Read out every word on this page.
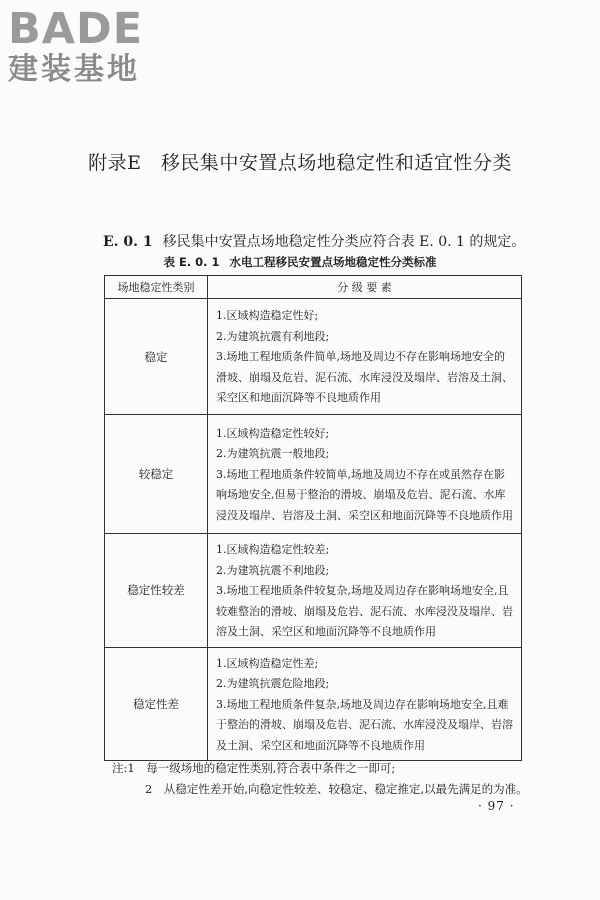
BADE
建装基地
附录E　移民集中安置点场地稳定性和适宜性分类
E. 0. 1 移民集中安置点场地稳定性分类应符合表 E. 0. 1 的规定。
表 E. 0. 1 水电工程移民安置点场地稳定性分类标准
场地稳定性类别	分 级 要 素
稳定	1.区域构造稳定性好;
2.为建筑抗震有利地段;
3.场地工程地质条件简单,场地及周边不存在影响场地安全的滑坡、崩塌及危岩、泥石流、水库浸没及塌岸、岩溶及土洞、采空区和地面沉降等不良地质作用

较稳定	1.区域构造稳定性较好;
2.为建筑抗震一般地段;
3.场地工程地质条件较简单,场地及周边不存在或虽然存在影响场地安全,但易于整治的滑坡、崩塌及危岩、泥石流、水库浸没及塌岸、岩溶及土洞、采空区和地面沉降等不良地质作用

稳定性较差	1.区域构造稳定性较差;
2.为建筑抗震不利地段;
3.场地工程地质条件较复杂,场地及周边存在影响场地安全,且较难整治的滑坡、崩塌及危岩、泥石流、水库浸没及塌岸、岩溶及土洞、采空区和地面沉降等不良地质作用

稳定性差	1.区域构造稳定性差;
2.为建筑抗震危险地段;
3.场地工程地质条件复杂,场地及周边存在影响场地安全,且难于整治的滑坡、崩塌及危岩、泥石流、水库浸没及塌岸、岩溶及土洞、采空区和地面沉降等不良地质作用
注:1　每一级场地的稳定性类别,符合表中条件之一即可;
2　从稳定性差开始,向稳定性较差、较稳定、稳定推定,以最先满足的为准。
· 97 ·
